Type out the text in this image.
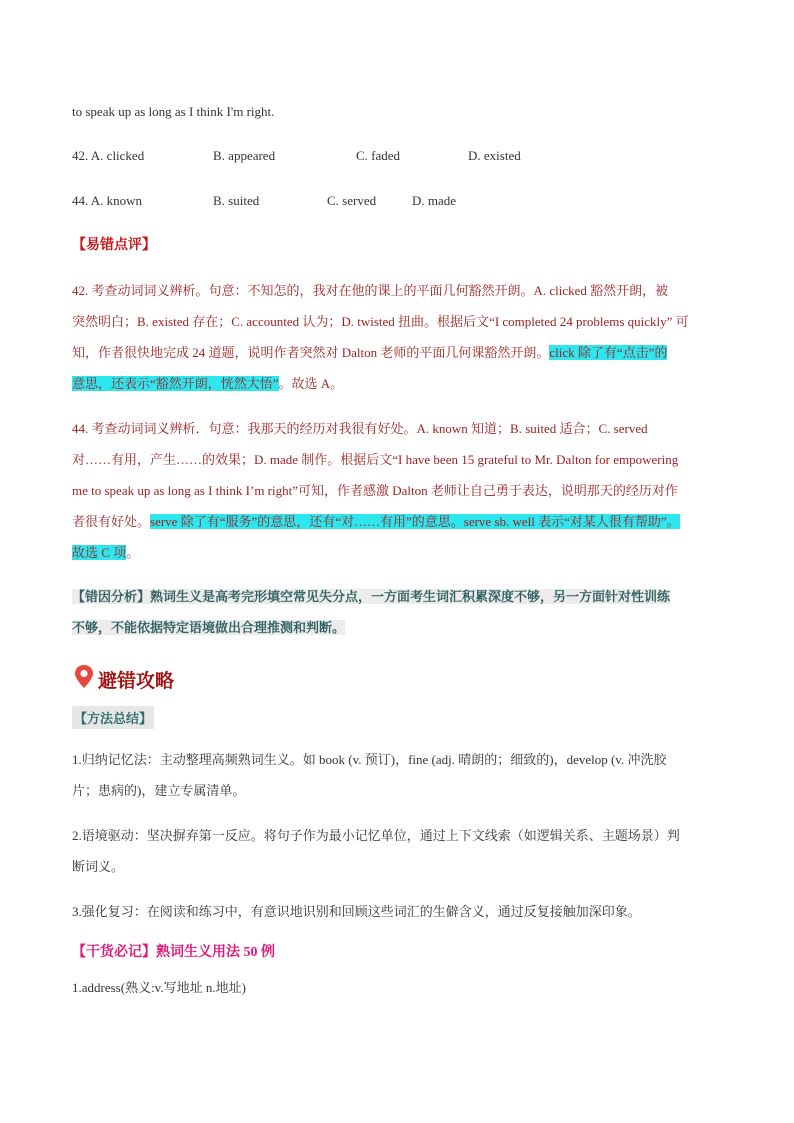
to speak up as long as I think I'm right.
42. A. clicked	B. appeared	C. faded	D. existed
44. A. known	B. suited	C. served	D. made
【易错点评】
42. 考查动词词义辨析。句意：不知怎的，我对在他的课上的平面几何豁然开朗。A. clicked 豁然开朗，被
突然明白；B. existed 存在；C. accounted 认为；D. twisted 扭曲。根据后文“I completed 24 problems quickly” 可
知，作者很快地完成 24 道题，说明作者突然对 Dalton 老师的平面几何课豁然开朗。click 除了有“点击”的
意思，还表示“豁然开朗，恍然大悟”。故选 A。
44. 考查动词词义辨析．句意：我那天的经历对我很有好处。A. known 知道；B. suited 适合；C. served
对……有用，产生……的效果；D. made 制作。根据后文“I have been 15 grateful to Mr. Dalton for empowering
me to speak up as long as I think I’m right”可知，作者感激 Dalton 老师让自己勇于表达，说明那天的经历对作
者很有好处。serve 除了有“服务”的意思，还有“对……有用”的意思。serve sb. well 表示“对某人很有帮助”。
故选 C 项。
【错因分析】熟词生义是高考完形填空常见失分点，一方面考生词汇积累深度不够，另一方面针对性训练
不够，不能依据特定语境做出合理推测和判断。
避错攻略
【方法总结】
1.归纳记忆法：主动整理高频熟词生义。如 book (v. 预订)，fine (adj. 晴朗的；细致的)，develop (v. 冲洗胶
片；患病的)，建立专属清单。
2.语境驱动：坚决摒弃第一反应。将句子作为最小记忆单位，通过上下文线索（如逻辑关系、主题场景）判
断词义。
3.强化复习：在阅读和练习中，有意识地识别和回顾这些词汇的生僻含义，通过反复接触加深印象。
【干货必记】熟词生义用法 50 例
1.address(熟义:v.写地址 n.地址)
